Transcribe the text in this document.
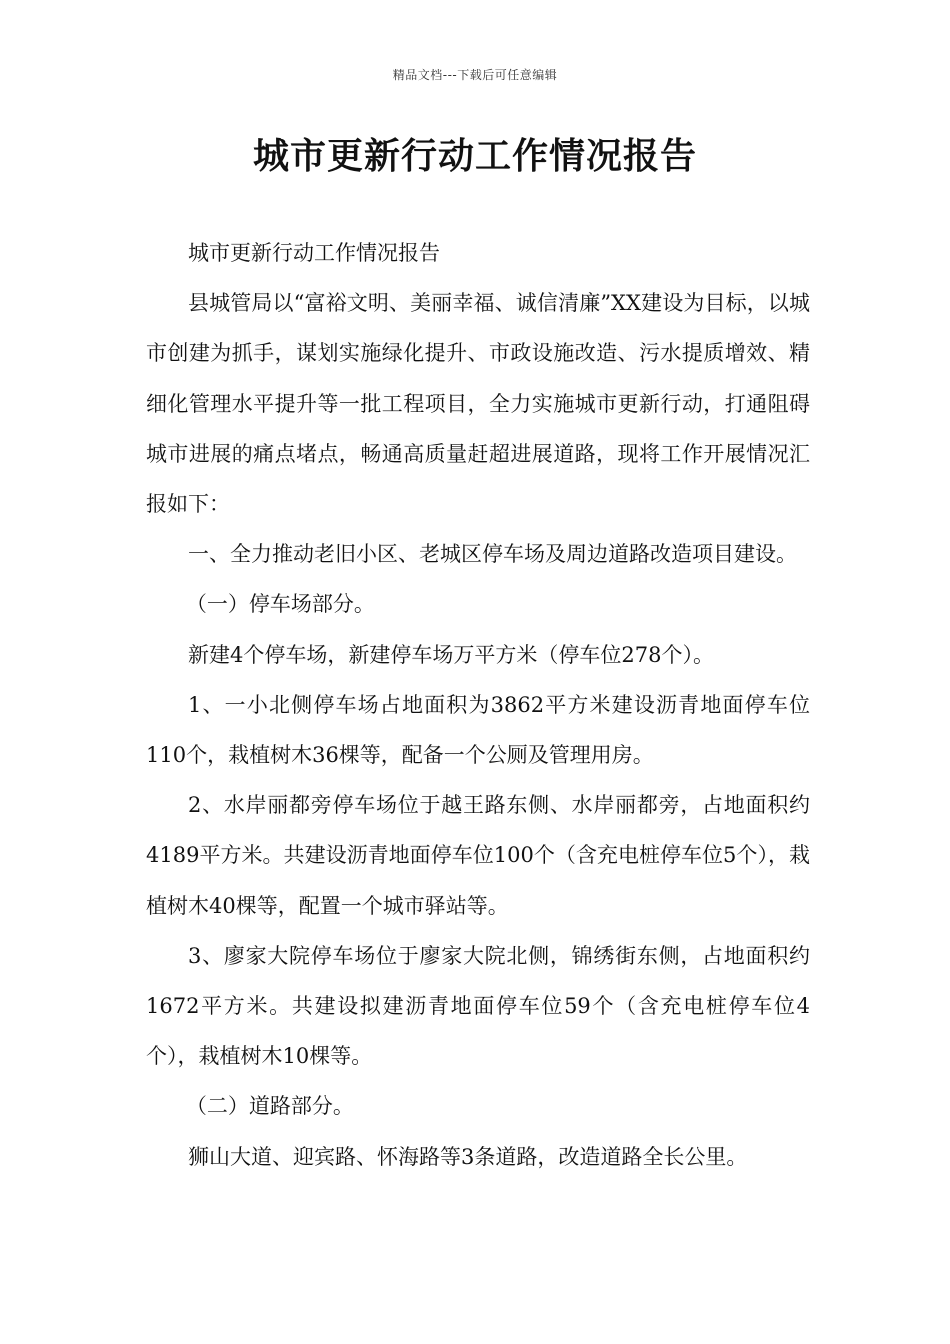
精品文档---下载后可任意编辑
城市更新行动工作情况报告

城市更新行动工作情况报告

县城管局以“富裕文明、美丽幸福、诚信清廉”XX建设为目标，以城市创建为抓手，谋划实施绿化提升、市政设施改造、污水提质增效、精细化管理水平提升等一批工程项目，全力实施城市更新行动，打通阻碍城市进展的痛点堵点，畅通高质量赶超进展道路，现将工作开展情况汇报如下：

一、全力推动老旧小区、老城区停车场及周边道路改造项目建设。

（一）停车场部分。

新建4个停车场，新建停车场万平方米（停车位278个）。

1、一小北侧停车场占地面积为3862平方米建设沥青地面停车位110个，栽植树木36棵等，配备一个公厕及管理用房。

2、水岸丽都旁停车场位于越王路东侧、水岸丽都旁，占地面积约4189平方米。共建设沥青地面停车位100个（含充电桩停车位5个），栽植树木40棵等，配置一个城市驿站等。

3、廖家大院停车场位于廖家大院北侧，锦绣街东侧，占地面积约1672平方米。共建设拟建沥青地面停车位59个（含充电桩停车位4个），栽植树木10棵等。

（二）道路部分。

狮山大道、迎宾路、怀海路等3条道路，改造道路全长公里。
